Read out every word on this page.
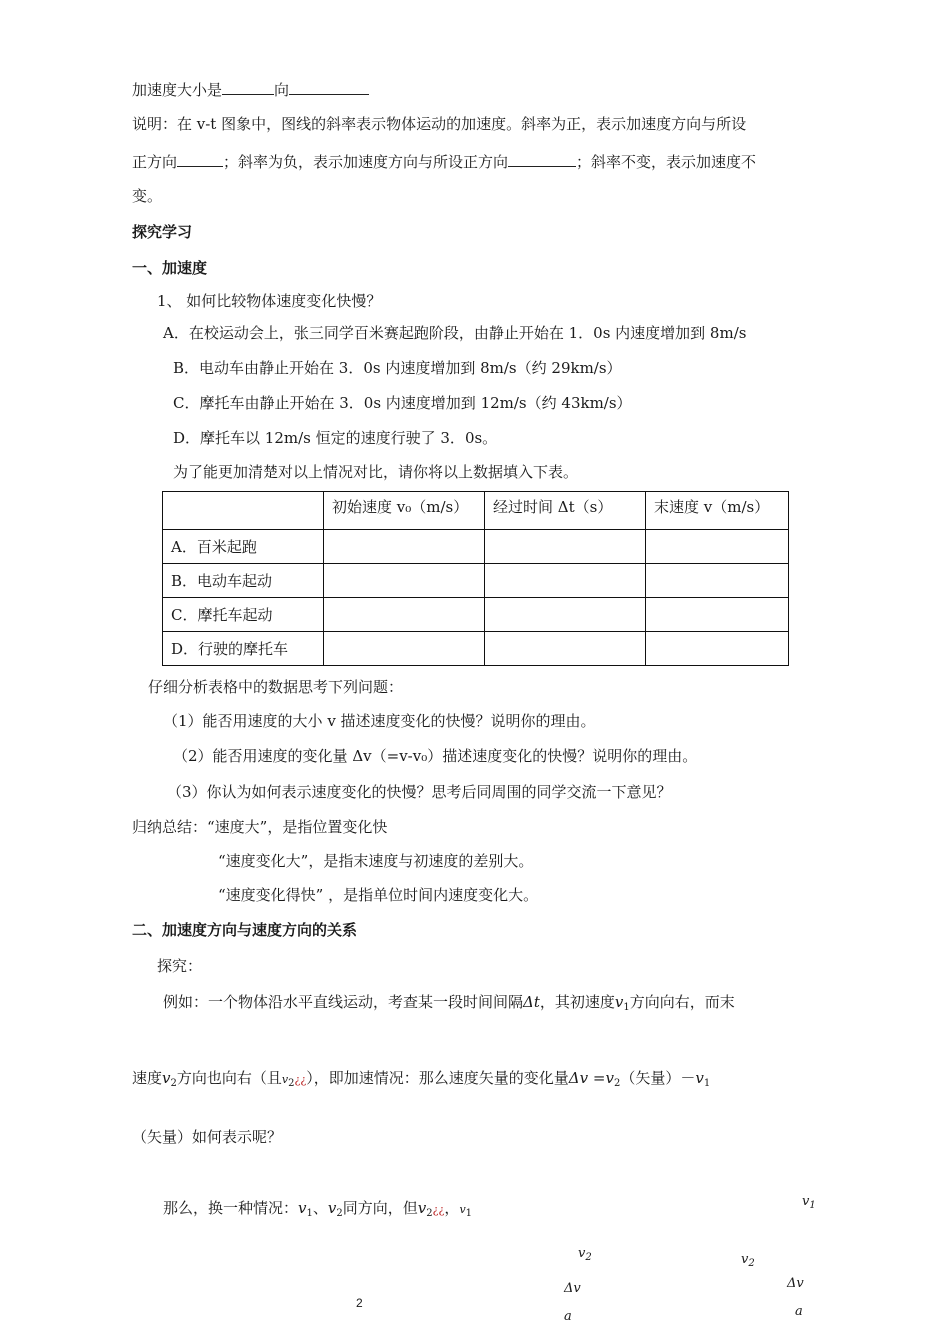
加速度大小是	向
说明：在 v-t 图象中，图线的斜率表示物体运动的加速度。斜率为正，表示加速度方向与所设
正方向	；斜率为负，表示加速度方向与所设正方向	；斜率不变，表示加速度不
变。
探究学习
一、加速度
1、 如何比较物体速度变化快慢？
A．在校运动会上，张三同学百米赛起跑阶段，由静止开始在 1．0s 内速度增加到 8m/s
B．电动车由静止开始在 3．0s 内速度增加到 8m/s（约 29km/s）
C．摩托车由静止开始在 3．0s 内速度增加到 12m/s（约 43km/s）
D．摩托车以 12m/s 恒定的速度行驶了 3．0s。
为了能更加清楚对以上情况对比，请你将以上数据填入下表。
	初始速度 v₀（m/s）	经过时间 Δt（s）	末速度 v（m/s）
A．百米起跑			
B．电动车起动			
C．摩托车起动			
D．行驶的摩托车			
仔细分析表格中的数据思考下列问题：
（1）能否用速度的大小 v 描述速度变化的快慢？说明你的理由。
（2）能否用速度的变化量 Δv（=v-v₀）描述速度变化的快慢？说明你的理由。
（3）你认为如何表示速度变化的快慢？思考后同周围的同学交流一下意见？
归纳总结：“速度大”，是指位置变化快
“速度变化大”，是指末速度与初速度的差别大。
“速度变化得快” ，是指单位时间内速度变化大。
二、加速度方向与速度方向的关系
探究：
例如：一个物体沿水平直线运动，考查某一段时间间隔Δt，其初速度$v_1$方向向右，而末
速度$v_2$方向也向右（且$v_2¿¿$），即加速情况：那么速度矢量的变化量$\Delta v =v_2$（矢量）$-v_1$
（矢量）如何表示呢？
那么，换一种情况：$v_1$、$v_2$同方向，但$v_2¿¿$，$v_1$
$v_1$
$v_2$	$v_2$
Δv	Δv
a	a
2
